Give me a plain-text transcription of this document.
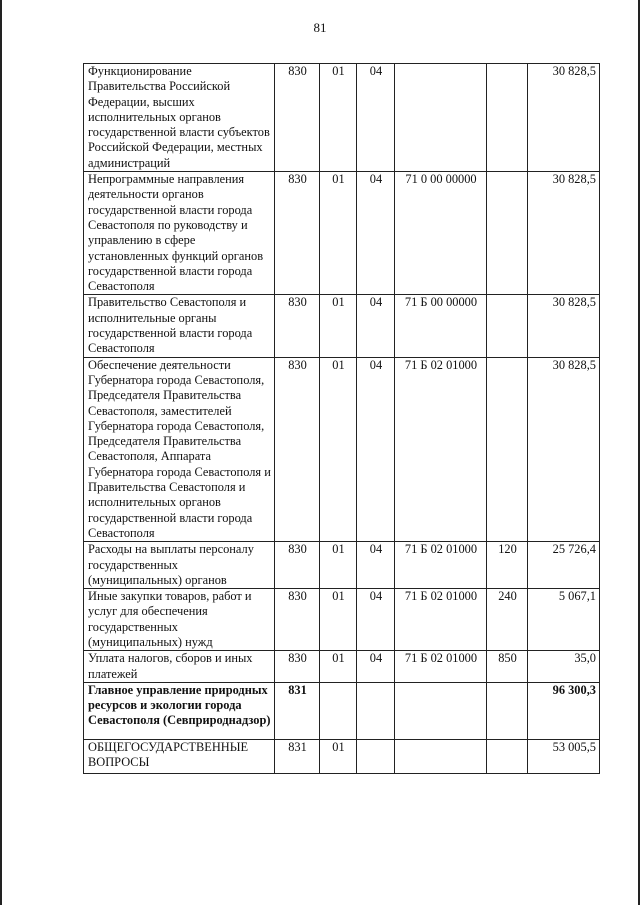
81
Функционирование Правительства Российской Федерации, высших исполнительных органов государственной власти субъектов Российской Федерации, местных администраций	830	01	04			30 828,5
Непрограммные направления деятельности органов государственной власти города Севастополя по руководству и управлению в сфере установленных функций органов государственной власти города Севастополя	830	01	04	71 0 00 00000		30 828,5
Правительство Севастополя и исполнительные органы государственной власти города Севастополя	830	01	04	71 Б 00 00000		30 828,5
Обеспечение деятельности Губернатора города Севастополя, Председателя Правительства Севастополя, заместителей Губернатора города Севастополя, Председателя Правительства Севастополя, Аппарата Губернатора города Севастополя и Правительства Севастополя и исполнительных органов государственной власти города Севастополя	830	01	04	71 Б 02 01000		30 828,5
Расходы на выплаты персоналу государственных (муниципальных) органов	830	01	04	71 Б 02 01000	120	25 726,4
Иные закупки товаров, работ и услуг для обеспечения государственных (муниципальных) нужд	830	01	04	71 Б 02 01000	240	5 067,1
Уплата налогов, сборов и иных платежей	830	01	04	71 Б 02 01000	850	35,0
Главное управление природных ресурсов и экологии города Севастополя (Севприроднадзор)	831					96 300,3
ОБЩЕГОСУДАРСТВЕННЫЕ ВОПРОСЫ	831	01				53 005,5
